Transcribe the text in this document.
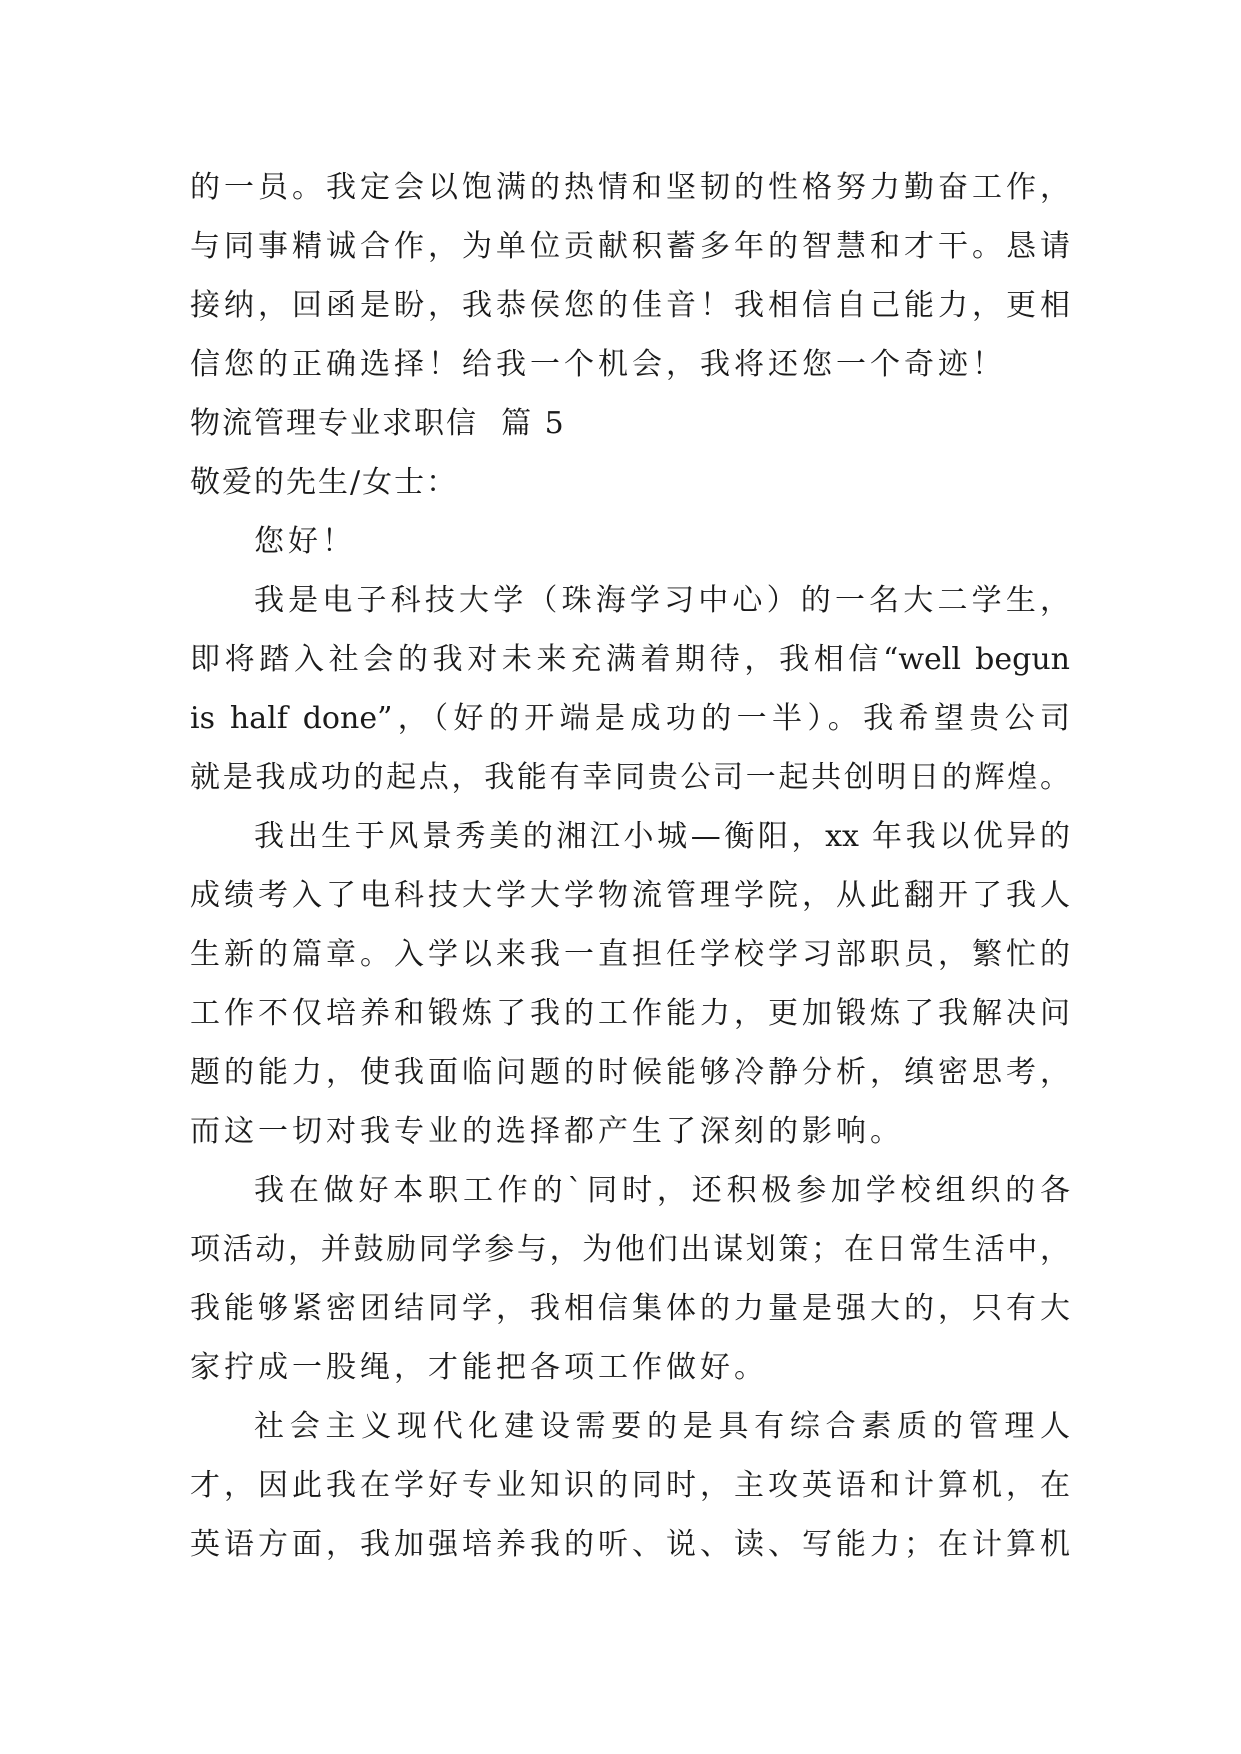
的一员。我定会以饱满的热情和坚韧的性格努力勤奋工作，
与同事精诚合作，为单位贡献积蓄多年的智慧和才干。恳请
接纳，回函是盼，我恭侯您的佳音！我相信自己能力，更相
信您的正确选择！给我一个机会，我将还您一个奇迹！
物流管理专业求职信  篇 5
敬爱的先生/女士：
您好！
我是电子科技大学（珠海学习中心）的一名大二学生，
即将踏入社会的我对未来充满着期待，我相信“well begun
is half done”，（好的开端是成功的一半）。我希望贵公司
就是我成功的起点，我能有幸同贵公司一起共创明日的辉煌。
我出生于风景秀美的湘江小城—衡阳，xx 年我以优异的
成绩考入了电科技大学大学物流管理学院，从此翻开了我人
生新的篇章。入学以来我一直担任学校学习部职员，繁忙的
工作不仅培养和锻炼了我的工作能力，更加锻炼了我解决问
题的能力，使我面临问题的时候能够冷静分析，缜密思考，
而这一切对我专业的选择都产生了深刻的影响。
我在做好本职工作的`同时，还积极参加学校组织的各
项活动，并鼓励同学参与，为他们出谋划策；在日常生活中，
我能够紧密团结同学，我相信集体的力量是强大的，只有大
家拧成一股绳，才能把各项工作做好。
社会主义现代化建设需要的是具有综合素质的管理人
才，因此我在学好专业知识的同时，主攻英语和计算机，在
英语方面，我加强培养我的听、说、读、写能力；在计算机
